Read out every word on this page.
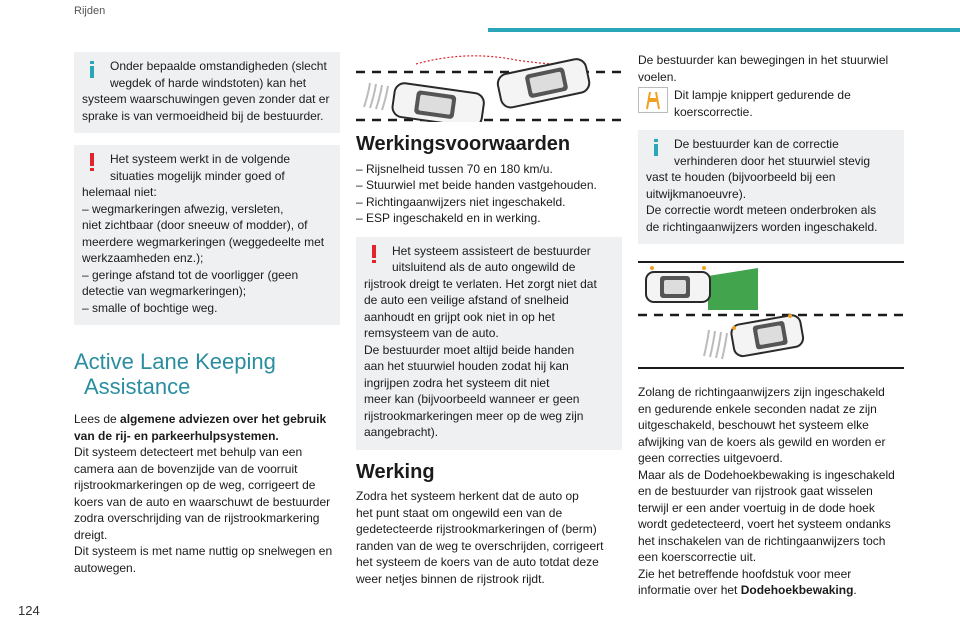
Rijden
Onder bepaalde omstandigheden (slecht wegdek of harde windstoten) kan het
systeem waarschuwingen geven zonder dat er sprake is van vermoeidheid bij de bestuurder.
Het systeem werkt in de volgende situaties mogelijk minder goed of
helemaal niet:
– wegmarkeringen afwezig, versleten,
niet zichtbaar (door sneeuw of modder), of
meerdere wegmarkeringen (weggedeelte met
werkzaamheden enz.);
– geringe afstand tot de voorligger (geen
detectie van wegmarkeringen);
– smalle of bochtige weg.
Active Lane Keeping
Assistance
Lees de algemene adviezen over het gebruik van de rij- en parkeerhulpsystemen.
Dit systeem detecteert met behulp van een
camera aan de bovenzijde van de voorruit
rijstrookmarkeringen op de weg, corrigeert de
koers van de auto en waarschuwt de bestuurder
zodra overschrijding van de rijstrookmarkering
dreigt.
Dit systeem is met name nuttig op snelwegen en
autowegen.
Werkingsvoorwaarden
– Rijsnelheid tussen 70 en 180 km/u.
– Stuurwiel met beide handen vastgehouden.
– Richtingaanwijzers niet ingeschakeld.
– ESP ingeschakeld en in werking.
Het systeem assisteert de bestuurder uitsluitend als de auto ongewild de
rijstrook dreigt te verlaten. Het zorgt niet dat
de auto een veilige afstand of snelheid
aanhoudt en grijpt ook niet in op het
remsysteem van de auto.
De bestuurder moet altijd beide handen
aan het stuurwiel houden zodat hij kan
ingrijpen zodra het systeem dit niet
meer kan (bijvoorbeeld wanneer er geen
rijstrookmarkeringen meer op de weg zijn
aangebracht).
Werking
Zodra het systeem herkent dat de auto op
het punt staat om ongewild een van de
gedetecteerde rijstrookmarkeringen of (berm)
randen van de weg te overschrijden, corrigeert
het systeem de koers van de auto totdat deze
weer netjes binnen de rijstrook rijdt.
De bestuurder kan bewegingen in het stuurwiel
voelen.
Dit lampje knippert gedurende de
koerscorrectie.
De bestuurder kan de correctie verhinderen door het stuurwiel stevig
vast te houden (bijvoorbeeld bij een
uitwijkmanoeuvre).
De correctie wordt meteen onderbroken als
de richtingaanwijzers worden ingeschakeld.
Zolang de richtingaanwijzers zijn ingeschakeld
en gedurende enkele seconden nadat ze zijn
uitgeschakeld, beschouwt het systeem elke
afwijking van de koers als gewild en worden er
geen correcties uitgevoerd.
Maar als de Dodehoekbewaking is ingeschakeld
en de bestuurder van rijstrook gaat wisselen
terwijl er een ander voertuig in de dode hoek
wordt gedetecteerd, voert het systeem ondanks
het inschakelen van de richtingaanwijzers toch
een koerscorrectie uit.
Zie het betreffende hoofdstuk voor meer
informatie over het Dodehoekbewaking.
124
